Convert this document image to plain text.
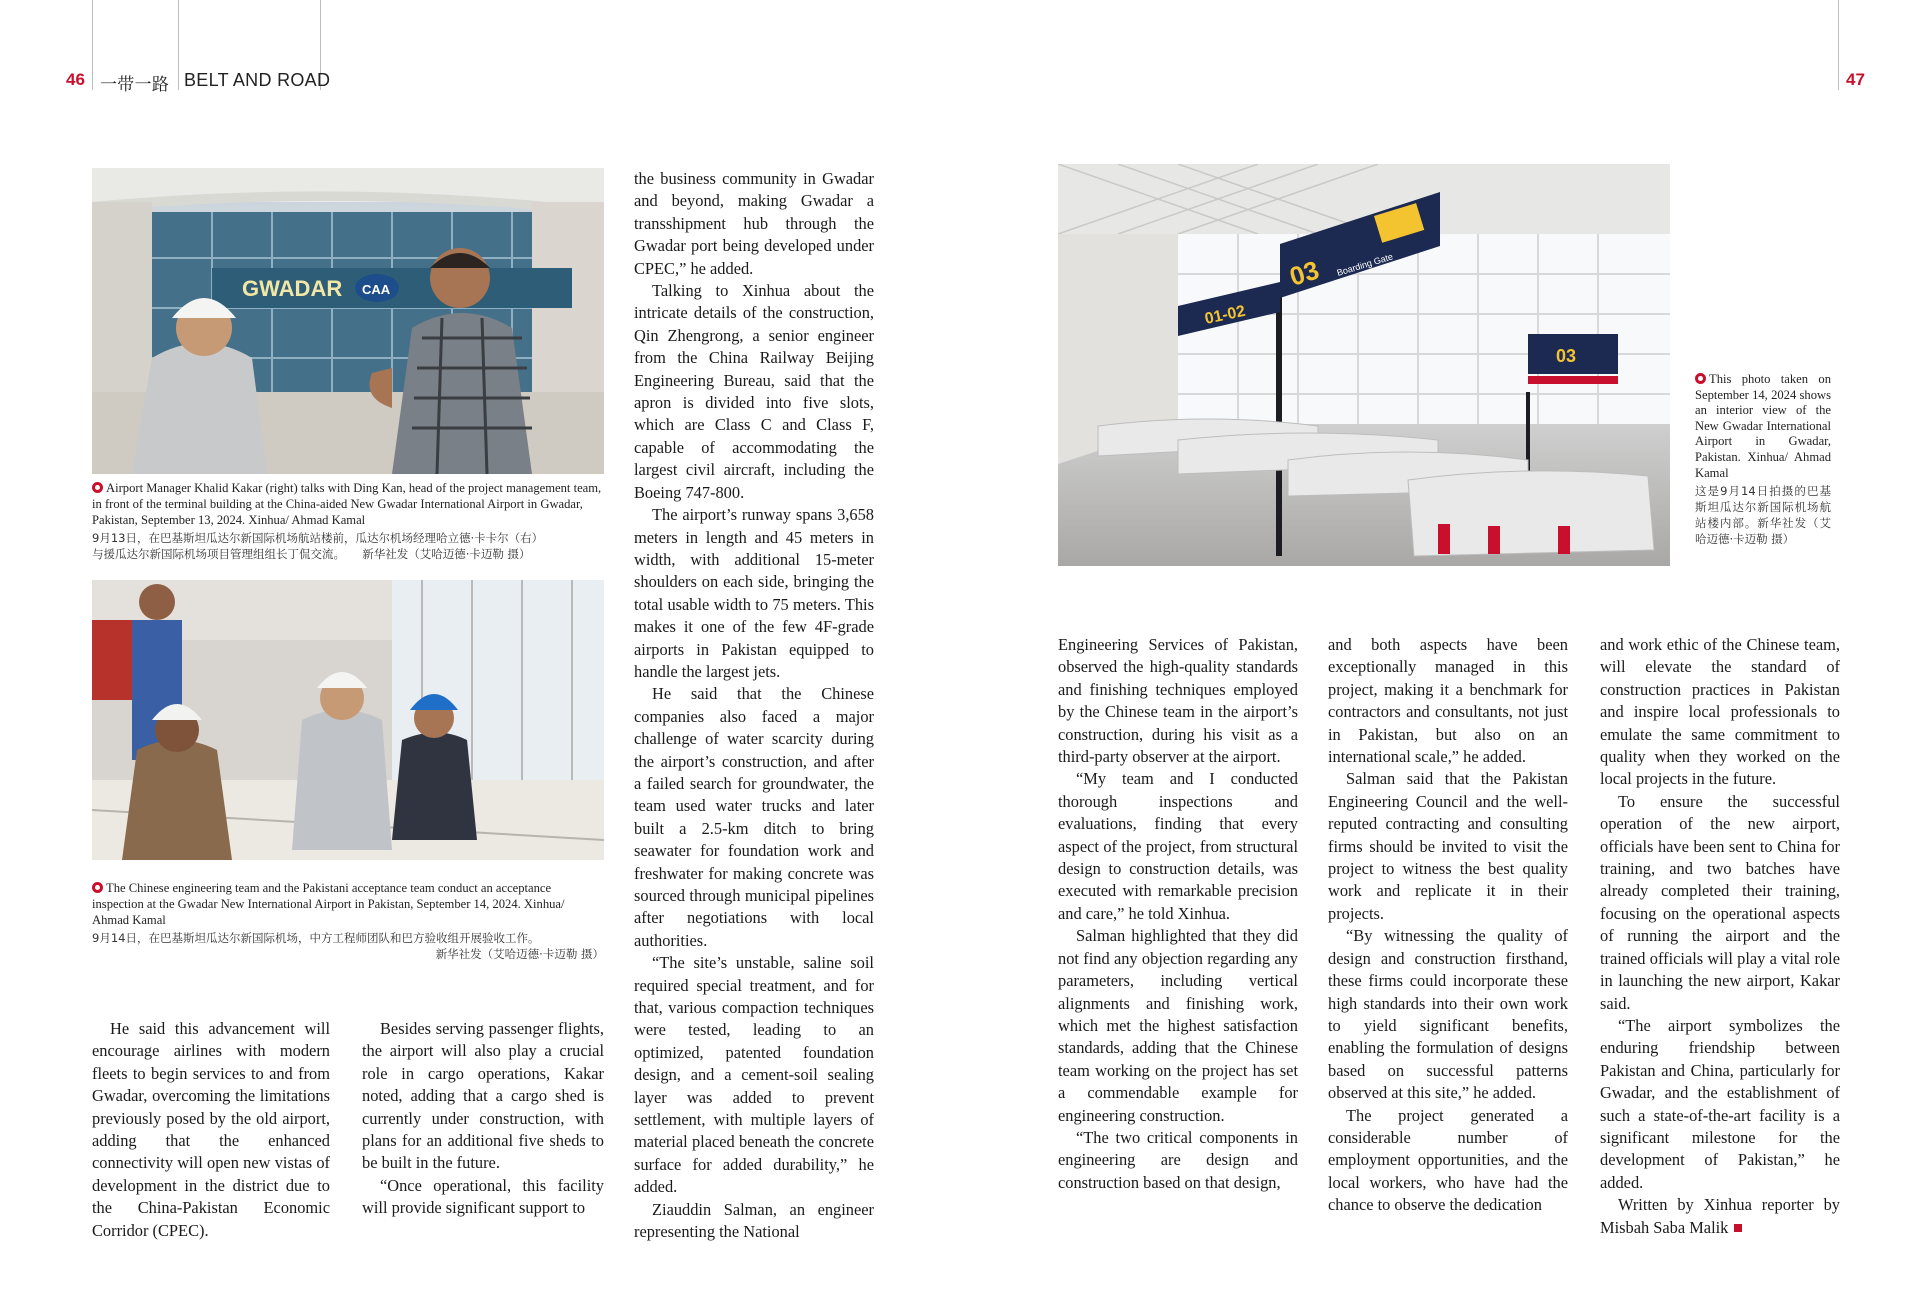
46 一带一路 BELT AND ROAD	47
GWADAR CAA
Airport Manager Khalid Kakar (right) talks with Ding Kan, head of the project management team, in front of the terminal building at the China-aided New Gwadar International Airport in Gwadar, Pakistan, September 13, 2024. Xinhua/ Ahmad Kamal
9月13日，在巴基斯坦瓜达尔新国际机场航站楼前，瓜达尔机场经理哈立德·卡卡尔（右）
与援瓜达尔新国际机场项目管理组组长丁侃交流。　　新华社发（艾哈迈德·卡迈勒 摄）
The Chinese engineering team and the Pakistani acceptance team conduct an acceptance inspection at the Gwadar New International Airport in Pakistan, September 14, 2024. Xinhua/ Ahmad Kamal
9月14日，在巴基斯坦瓜达尔新国际机场，中方工程师团队和巴方验收组开展验收工作。
新华社发（艾哈迈德·卡迈勒 摄）

He said this advancement will encourage airlines with modern fleets to begin services to and from Gwadar, overcoming the limitations previously posed by the old airport, adding that the enhanced connectivity will open new vistas of development in the district due to the China-Pakistan Economic Corridor (CPEC).

Besides serving passenger flights, the airport will also play a crucial role in cargo operations, Kakar noted, adding that a cargo shed is currently under construction, with plans for an additional five sheds to be built in the future.

“Once operational, this facility will provide significant support to

the business community in Gwadar and beyond, making Gwadar a transshipment hub through the Gwadar port being developed under CPEC,” he added.

Talking to Xinhua about the intricate details of the construction, Qin Zhengrong, a senior engineer from the China Railway Beijing Engineering Bureau, said that the apron is divided into five slots, which are Class C and Class F, capable of accommodating the largest civil aircraft, including the Boeing 747-800.

The airport’s runway spans 3,658 meters in length and 45 meters in width, with additional 15-meter shoulders on each side, bringing the total usable width to 75 meters. This makes it one of the few 4F-grade airports in Pakistan equipped to handle the largest jets.

He said that the Chinese companies also faced a major challenge of water scarcity during the airport’s construction, and after a failed search for groundwater, the team used water trucks and later built a 2.5-km ditch to bring seawater for foundation work and freshwater for making concrete was sourced through municipal pipelines after negotiations with local authorities.

“The site’s unstable, saline soil required special treatment, and for that, various compaction techniques were tested, leading to an optimized, patented foundation design, and a cement-soil sealing layer was added to prevent settlement, with multiple layers of material placed beneath the concrete surface for added durability,” he added.

Ziauddin Salman, an engineer representing the National

03 Boarding Gate
01-02
03
This photo taken on September 14, 2024 shows an interior view of the New Gwadar International Airport in Gwadar, Pakistan. Xinhua/ Ahmad Kamal
这是9月14日拍摄的巴基斯坦瓜达尔新国际机场航站楼内部。新华社发（艾哈迈德·卡迈勒 摄）

Engineering Services of Pakistan, observed the high-quality standards and finishing techniques employed by the Chinese team in the airport’s construction, during his visit as a third-party observer at the airport.

“My team and I conducted thorough inspections and evaluations, finding that every aspect of the project, from structural design to construction details, was executed with remarkable precision and care,” he told Xinhua.

Salman highlighted that they did not find any objection regarding any parameters, including vertical alignments and finishing work, which met the highest satisfaction standards, adding that the Chinese team working on the project has set a commendable example for engineering construction.

“The two critical components in engineering are design and construction based on that design,

and both aspects have been exceptionally managed in this project, making it a benchmark for contractors and consultants, not just in Pakistan, but also on an international scale,” he added.

Salman said that the Pakistan Engineering Council and the well-reputed contracting and consulting firms should be invited to visit the project to witness the best quality work and replicate it in their projects.

“By witnessing the quality of design and construction firsthand, these firms could incorporate these high standards into their own work to yield significant benefits, enabling the formulation of designs based on successful patterns observed at this site,” he added.

The project generated a considerable number of employment opportunities, and the local workers, who have had the chance to observe the dedication

and work ethic of the Chinese team, will elevate the standard of construction practices in Pakistan and inspire local professionals to emulate the same commitment to quality when they worked on the local projects in the future.

To ensure the successful operation of the new airport, officials have been sent to China for training, and two batches have already completed their training, focusing on the operational aspects of running the airport and the trained officials will play a vital role in launching the new airport, Kakar said.

“The airport symbolizes the enduring friendship between Pakistan and China, particularly for Gwadar, and the establishment of such a state-of-the-art facility is a significant milestone for the development of Pakistan,” he added.

Written by Xinhua reporter by Misbah Saba Malik
